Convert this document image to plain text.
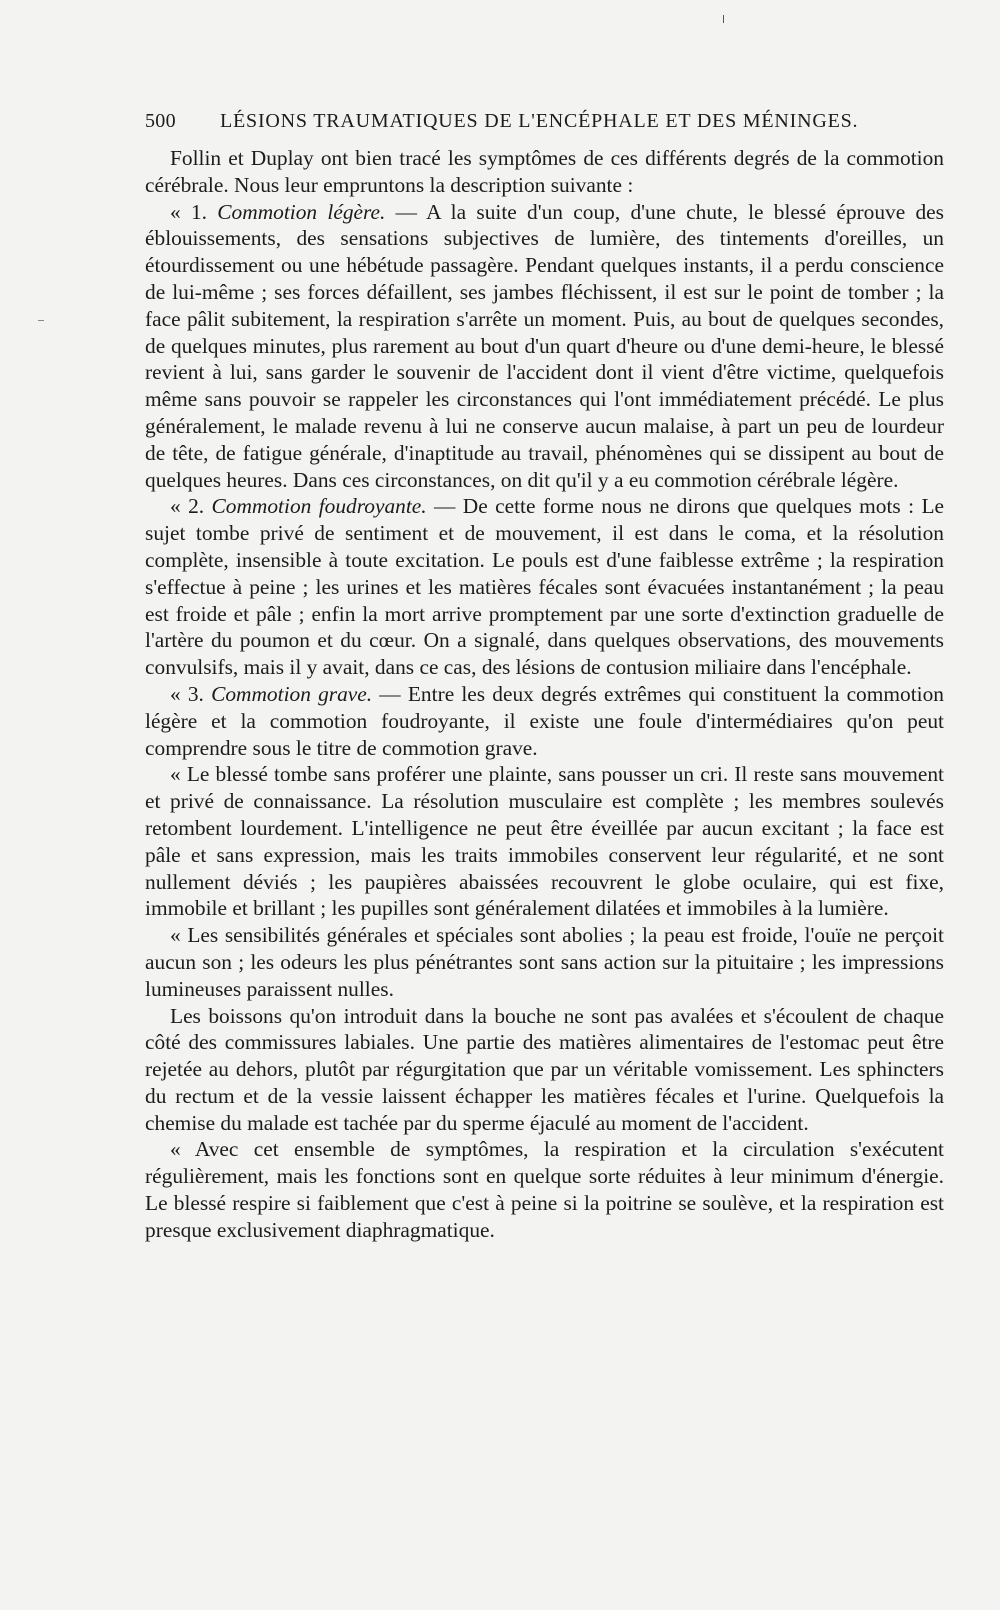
500 LÉSIONS TRAUMATIQUES DE L'ENCÉPHALE ET DES MÉNINGES.

Follin et Duplay ont bien tracé les symptômes de ces différents degrés de la commotion cérébrale. Nous leur empruntons la description suivante :

« 1. Commotion légère. — A la suite d'un coup, d'une chute, le blessé éprouve des éblouissements, des sensations subjectives de lumière, des tintements d'oreilles, un étourdissement ou une hébétude passagère. Pendant quelques instants, il a perdu conscience de lui-même ; ses forces défaillent, ses jambes fléchissent, il est sur le point de tomber ; la face pâlit subitement, la respiration s'arrête un moment. Puis, au bout de quelques secondes, de quelques minutes, plus rarement au bout d'un quart d'heure ou d'une demi-heure, le blessé revient à lui, sans garder le souvenir de l'accident dont il vient d'être victime, quelquefois même sans pouvoir se rappeler les circonstances qui l'ont immédiatement précédé. Le plus généralement, le malade revenu à lui ne conserve aucun malaise, à part un peu de lourdeur de tête, de fatigue générale, d'inaptitude au travail, phénomènes qui se dissipent au bout de quelques heures. Dans ces circonstances, on dit qu'il y a eu commotion cérébrale légère.

« 2. Commotion foudroyante. — De cette forme nous ne dirons que quelques mots : Le sujet tombe privé de sentiment et de mouvement, il est dans le coma, et la résolution complète, insensible à toute excitation. Le pouls est d'une faiblesse extrême ; la respiration s'effectue à peine ; les urines et les matières fécales sont évacuées instantanément ; la peau est froide et pâle ; enfin la mort arrive promptement par une sorte d'extinction graduelle de l'artère du poumon et du cœur. On a signalé, dans quelques observations, des mouvements convulsifs, mais il y avait, dans ce cas, des lésions de contusion miliaire dans l'encéphale.

« 3. Commotion grave. — Entre les deux degrés extrêmes qui constituent la commotion légère et la commotion foudroyante, il existe une foule d'intermédiaires qu'on peut comprendre sous le titre de commotion grave.

« Le blessé tombe sans proférer une plainte, sans pousser un cri. Il reste sans mouvement et privé de connaissance. La résolution musculaire est complète ; les membres soulevés retombent lourdement. L'intelligence ne peut être éveillée par aucun excitant ; la face est pâle et sans expression, mais les traits immobiles conservent leur régularité, et ne sont nullement déviés ; les paupières abaissées recouvrent le globe oculaire, qui est fixe, immobile et brillant ; les pupilles sont généralement dilatées et immobiles à la lumière.

« Les sensibilités générales et spéciales sont abolies ; la peau est froide, l'ouïe ne perçoit aucun son ; les odeurs les plus pénétrantes sont sans action sur la pituitaire ; les impressions lumineuses paraissent nulles.

Les boissons qu'on introduit dans la bouche ne sont pas avalées et s'écoulent de chaque côté des commissures labiales. Une partie des matières alimentaires de l'estomac peut être rejetée au dehors, plutôt par régurgitation que par un véritable vomissement. Les sphincters du rectum et de la vessie laissent échapper les matières fécales et l'urine. Quelquefois la chemise du malade est tachée par du sperme éjaculé au moment de l'accident.

« Avec cet ensemble de symptômes, la respiration et la circulation s'exécutent régulièrement, mais les fonctions sont en quelque sorte réduites à leur minimum d'énergie. Le blessé respire si faiblement que c'est à peine si la poitrine se soulève, et la respiration est presque exclusivement diaphragmatique.
